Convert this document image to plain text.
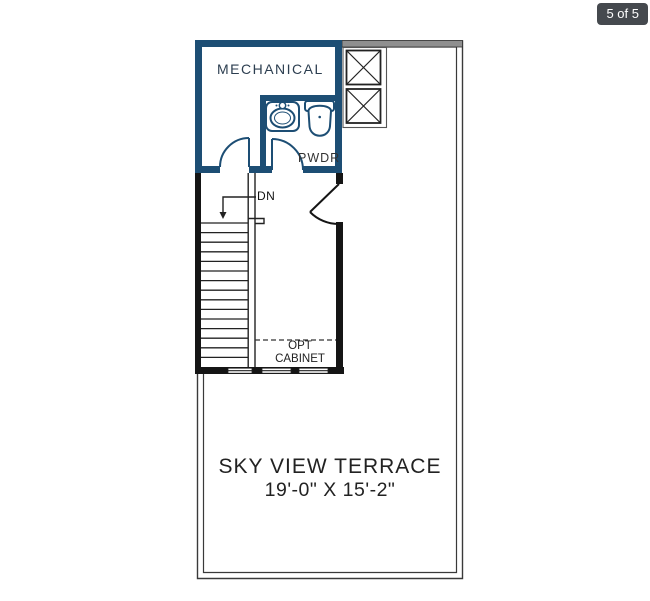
MECHANICAL
PWDR
DN
OPT
CABINET
SKY VIEW TERRACE
19'-0" X 15'-2"
5 of 5
